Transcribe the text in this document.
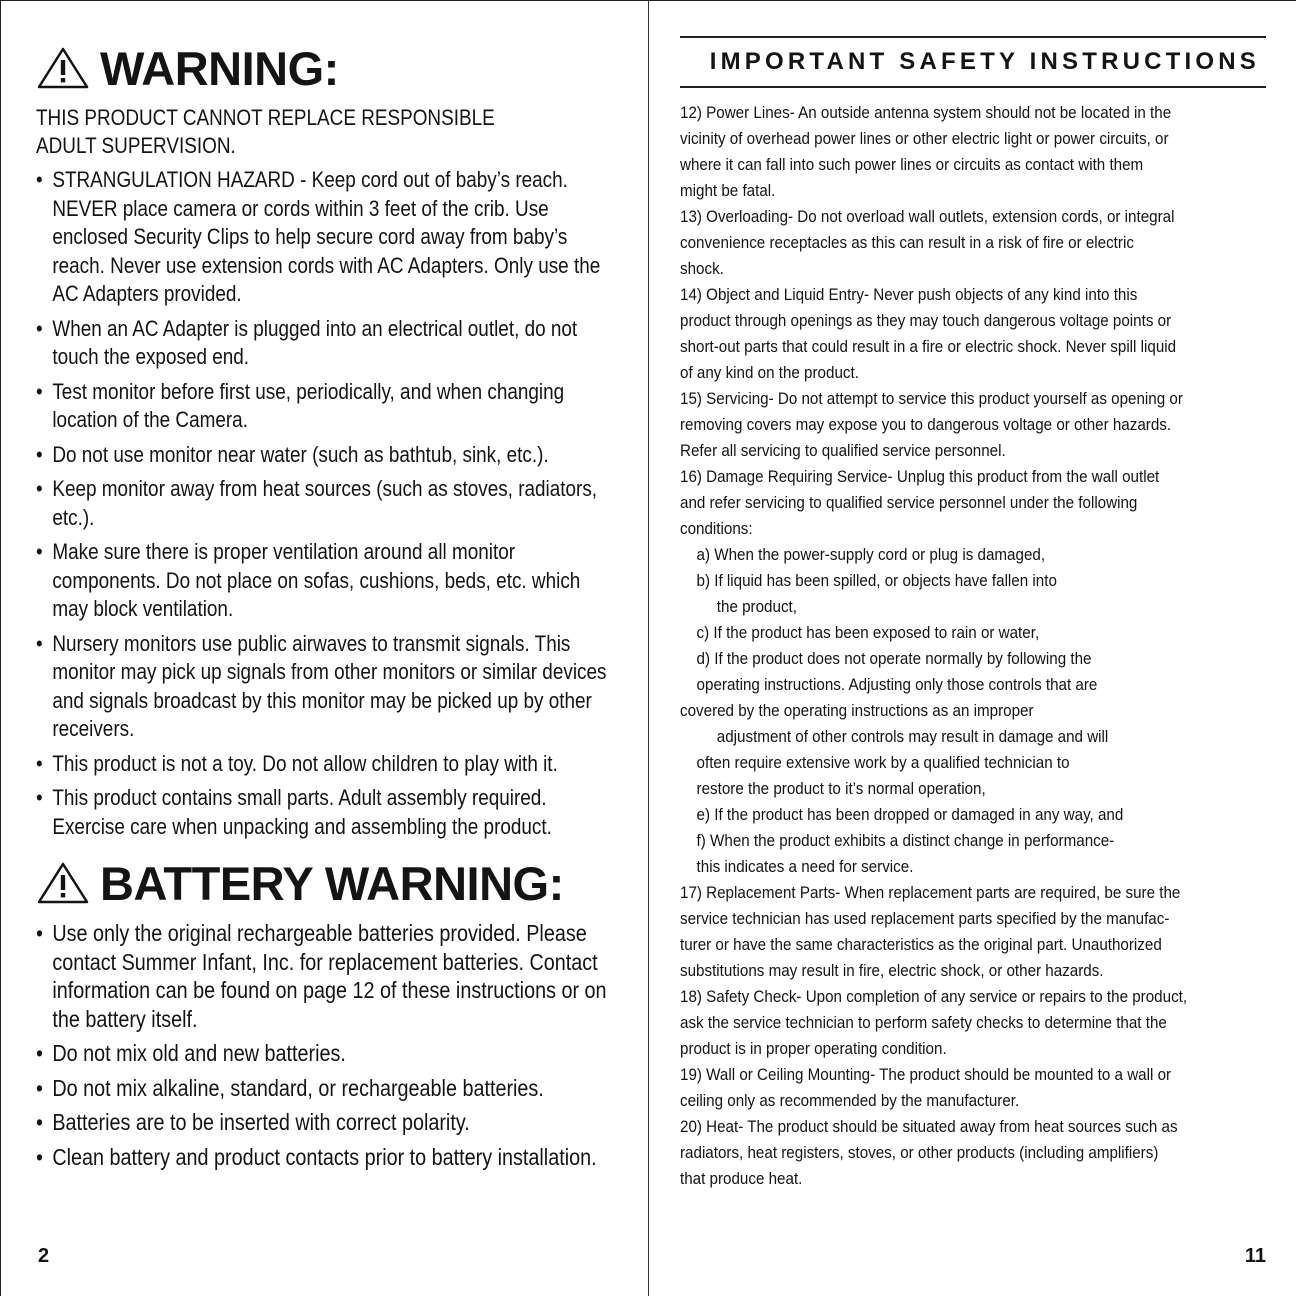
WARNING:
THIS PRODUCT CANNOT REPLACE RESPONSIBLE
ADULT SUPERVISION.
• STRANGULATION HAZARD - Keep cord out of baby’s reach. NEVER place camera or cords within 3 feet of the crib. Use enclosed Security Clips to help secure cord away from baby’s reach. Never use extension cords with AC Adapters. Only use the AC Adapters provided.
• When an AC Adapter is plugged into an electrical outlet, do not touch the exposed end.
• Test monitor before first use, periodically, and when changing location of the Camera.
• Do not use monitor near water (such as bathtub, sink, etc.).
• Keep monitor away from heat sources (such as stoves, radiators, etc.).
• Make sure there is proper ventilation around all monitor components. Do not place on sofas, cushions, beds, etc. which may block ventilation.
• Nursery monitors use public airwaves to transmit signals. This monitor may pick up signals from other monitors or similar devices and signals broadcast by this monitor may be picked up by other receivers.
• This product is not a toy. Do not allow children to play with it.
• This product contains small parts. Adult assembly required. Exercise care when unpacking and assembling the product.
BATTERY WARNING:
• Use only the original rechargeable batteries provided. Please contact Summer Infant, Inc. for replacement batteries. Contact information can be found on page 12 of these instructions or on the battery itself.
• Do not mix old and new batteries.
• Do not mix alkaline, standard, or rechargeable batteries.
• Batteries are to be inserted with correct polarity.
• Clean battery and product contacts prior to battery installation.
IMPORTANT SAFETY INSTRUCTIONS
12) Power Lines- An outside antenna system should not be located in the
vicinity of overhead power lines or other electric light or power circuits, or
where it can fall into such power lines or circuits as contact with them
might be fatal.
13) Overloading- Do not overload wall outlets, extension cords, or integral
convenience receptacles as this can result in a risk of fire or electric
shock.
14) Object and Liquid Entry- Never push objects of any kind into this
product through openings as they may touch dangerous voltage points or
short-out parts that could result in a fire or electric shock. Never spill liquid
of any kind on the product.
15) Servicing- Do not attempt to service this product yourself as opening or
removing covers may expose you to dangerous voltage or other hazards.
Refer all servicing to qualified service personnel.
16) Damage Requiring Service- Unplug this product from the wall outlet
and refer servicing to qualified service personnel under the following
conditions:
a) When the power-supply cord or plug is damaged,
b) If liquid has been spilled, or objects have fallen into
the product,
c) If the product has been exposed to rain or water,
d) If the product does not operate normally by following the
operating instructions. Adjusting only those controls that are
covered by the operating instructions as an improper
adjustment of other controls may result in damage and will
often require extensive work by a qualified technician to
restore the product to it’s normal operation,
e) If the product has been dropped or damaged in any way, and
f) When the product exhibits a distinct change in performance-
this indicates a need for service.
17) Replacement Parts- When replacement parts are required, be sure the
service technician has used replacement parts specified by the manufac-
turer or have the same characteristics as the original part. Unauthorized
substitutions may result in fire, electric shock, or other hazards.
18) Safety Check- Upon completion of any service or repairs to the product,
ask the service technician to perform safety checks to determine that the
product is in proper operating condition.
19) Wall or Ceiling Mounting- The product should be mounted to a wall or
ceiling only as recommended by the manufacturer.
20) Heat- The product should be situated away from heat sources such as
radiators, heat registers, stoves, or other products (including amplifiers)
that produce heat.
2	11
